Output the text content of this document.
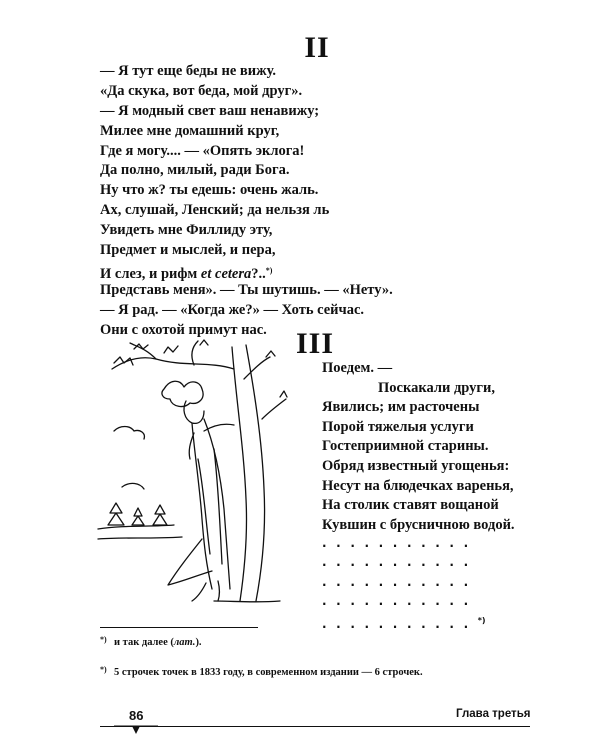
II
— Я тут еще беды не вижу.
«Да скука, вот беда, мой друг».
— Я модный свет ваш ненавижу;
Милее мне домашний круг,
Где я могу.... — «Опять эклога!
Да полно, милый, ради Бога.
Ну что ж? ты едешь: очень жаль.
Ах, слушай, Ленский; да нельзя ль
Увидеть мне Филлиду эту,
Предмет и мыслей, и пера,
И слез, и рифм et cetera?..*)
Представь меня». — Ты шутишь. — «Нету».
— Я рад. — «Когда же?» — Хоть сейчас.
Они с охотой примут нас. III
Поедем. —
Поскакали други,
Явились; им расточены
Порой тяжелыя услуги
Гостеприимной старины.
Обряд известный угощенья:
Несут на блюдечках варенья,
На столик ставят вощаной
Кувшин с брусничною водой.
...........
...........
...........
...........
...........*)
*) и так далее (лат.).
*) 5 строчек точек в 1833 году, в современном издании — 6 строчек.
86	Глава третья
